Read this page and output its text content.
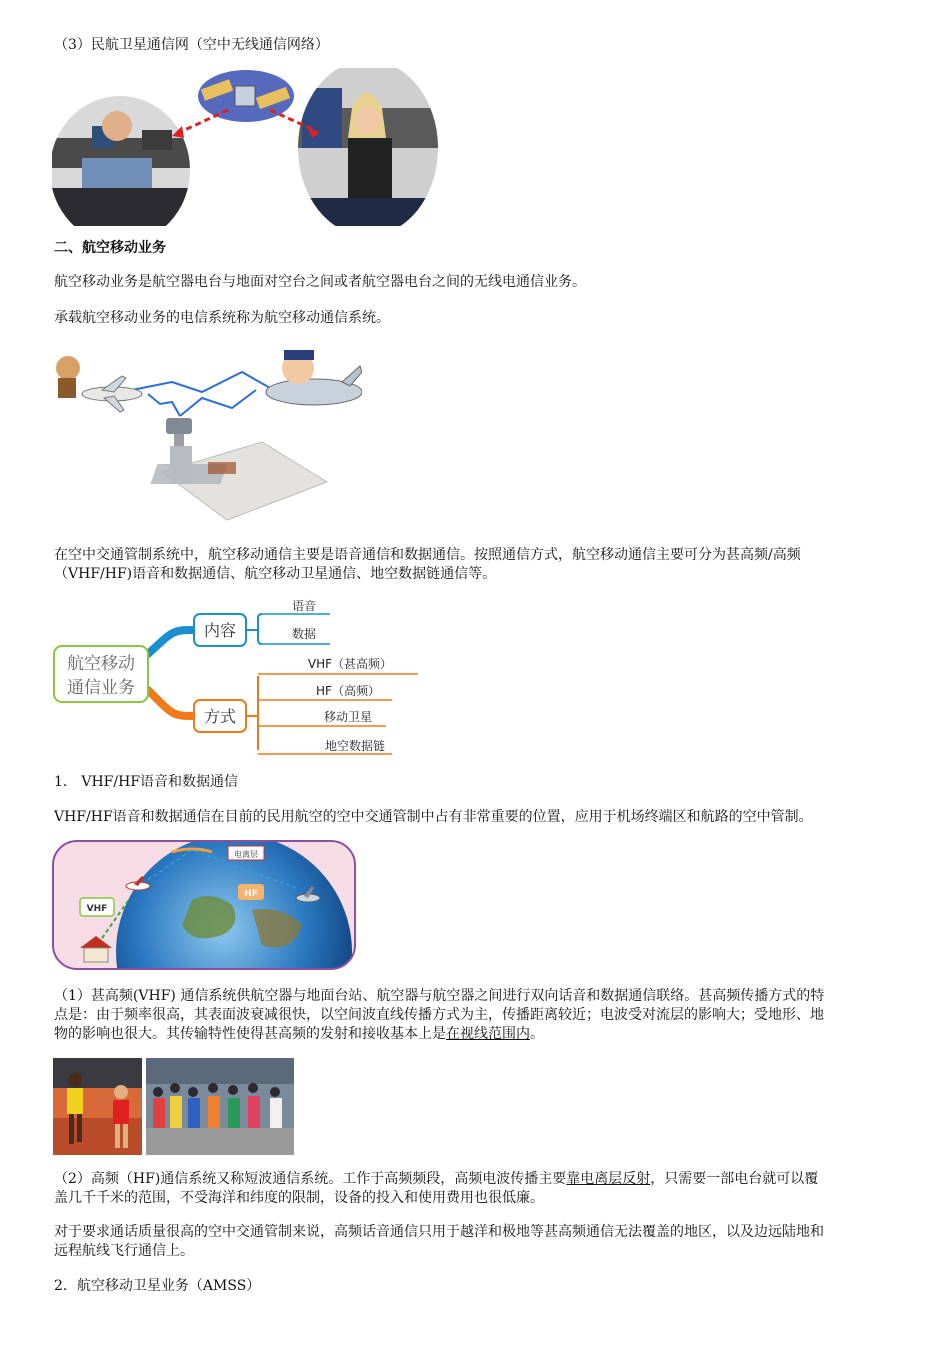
（3）民航卫星通信网（空中无线通信网络）
二、航空移动业务
航空移动业务是航空器电台与地面对空台之间或者航空器电台之间的无线电通信业务。
承载航空移动业务的电信系统称为航空移动通信系统。
在空中交通管制系统中，航空移动通信主要是语音通信和数据通信。按照通信方式，航空移动通信主要可分为甚高频/高频
（VHF/HF)语音和数据通信、航空移动卫星通信、地空数据链通信等。
航空移动
通信业务
内容
语音
数据
方式
VHF（甚高频）
HF（高频）
移动卫星
地空数据链
1． VHF/HF语音和数据通信
VHF/HF语音和数据通信在目前的民用航空的空中交通管制中占有非常重要的位置，应用于机场终端区和航路的空中管制。
电离层
HF
VHF
（1）甚高频(VHF) 通信系统供航空器与地面台站、航空器与航空器之间进行双向话音和数据通信联络。甚高频传播方式的特
点是：由于频率很高，其表面波衰减很快，以空间波直线传播方式为主，传播距离较近；电波受对流层的影响大；受地形、地
物的影响也很大。其传输特性使得甚高频的发射和接收基本上是在视线范围内。
（2）高频（HF)通信系统又称短波通信系统。工作于高频频段，高频电波传播主要靠电离层反射，只需要一部电台就可以覆
盖几千千米的范围，不受海洋和纬度的限制，设备的投入和使用费用也很低廉。
对于要求通话质量很高的空中交通管制来说，高频话音通信只用于越洋和极地等甚高频通信无法覆盖的地区，以及边远陆地和
远程航线飞行通信上。
2．航空移动卫星业务（AMSS）
